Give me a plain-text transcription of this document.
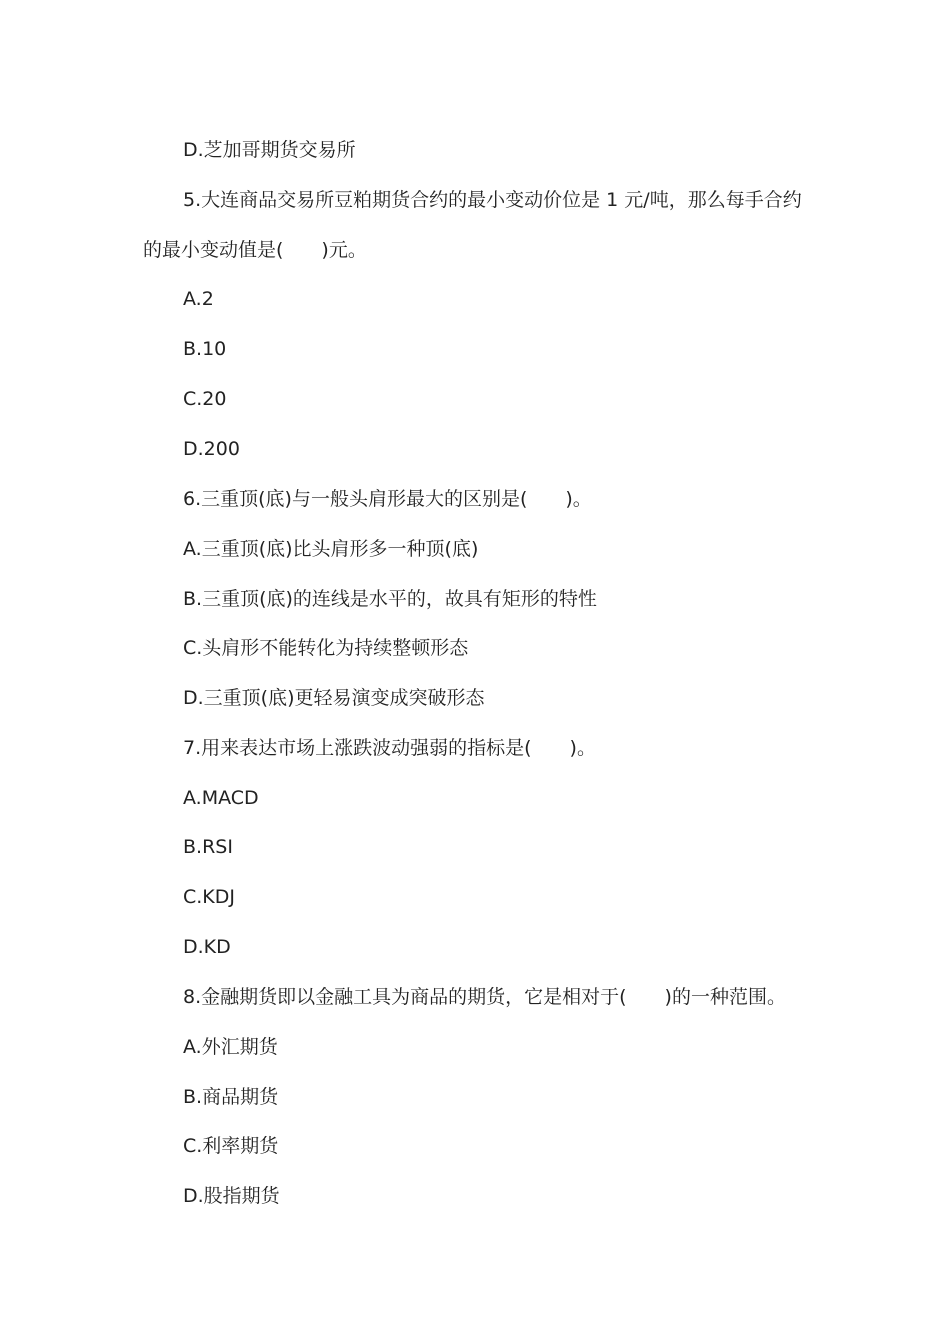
D.芝加哥期货交易所
5.大连商品交易所豆粕期货合约的最小变动价位是 1 元/吨，那么每手合约
的最小变动值是(　　)元。
A.2
B.10
C.20
D.200
6.三重顶(底)与一般头肩形最大的区别是(　　)。
A.三重顶(底)比头肩形多一种顶(底)
B.三重顶(底)的连线是水平的，故具有矩形的特性
C.头肩形不能转化为持续整顿形态
D.三重顶(底)更轻易演变成突破形态
7.用来表达市场上涨跌波动强弱的指标是(　　)。
A.MACD
B.RSI
C.KDJ
D.KD
8.金融期货即以金融工具为商品的期货，它是相对于(　　)的一种范围。
A.外汇期货
B.商品期货
C.利率期货
D.股指期货
